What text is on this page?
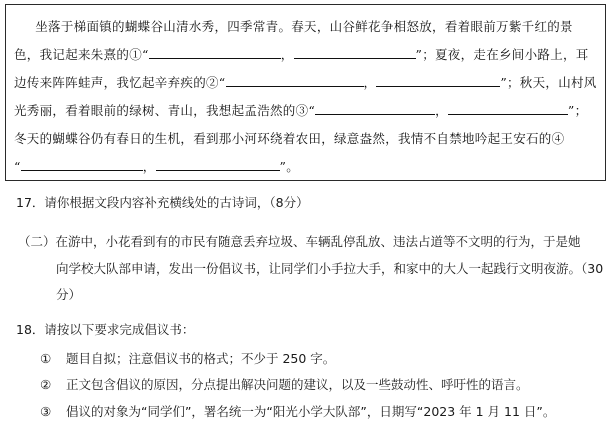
坐落于梯面镇的蝴蝶谷山清水秀，四季常青。春天，山谷鲜花争相怒放，看着眼前万紫千红的景
色，我记起来朱熹的①“	，	”；夏夜，走在乡间小路上，耳
边传来阵阵蛙声，我忆起辛弃疾的②“	，	”；秋天，山村风
光秀丽，看着眼前的绿树、青山，我想起孟浩然的③“	，	”；
冬天的蝴蝶谷仍有春日的生机，看到那小河环绕着农田，绿意盎然，我情不自禁地吟起王安石的④
“	，	”。
17．请你根据文段内容补充横线处的古诗词，（8分）
（二）在游中，小花看到有的市民有随意丢弃垃圾、车辆乱停乱放、违法占道等不文明的行为，于是她
向学校大队部申请，发出一份倡议书，让同学们小手拉大手，和家中的大人一起践行文明夜游。（30
分）
18．请按以下要求完成倡议书：
① 题目自拟；注意倡议书的格式；不少于 250 字。
② 正文包含倡议的原因，分点提出解决问题的建议，以及一些鼓动性、呼吁性的语言。
③ 倡议的对象为“同学们”，署名统一为“阳光小学大队部”，日期写“2023 年 1 月 11 日”。
